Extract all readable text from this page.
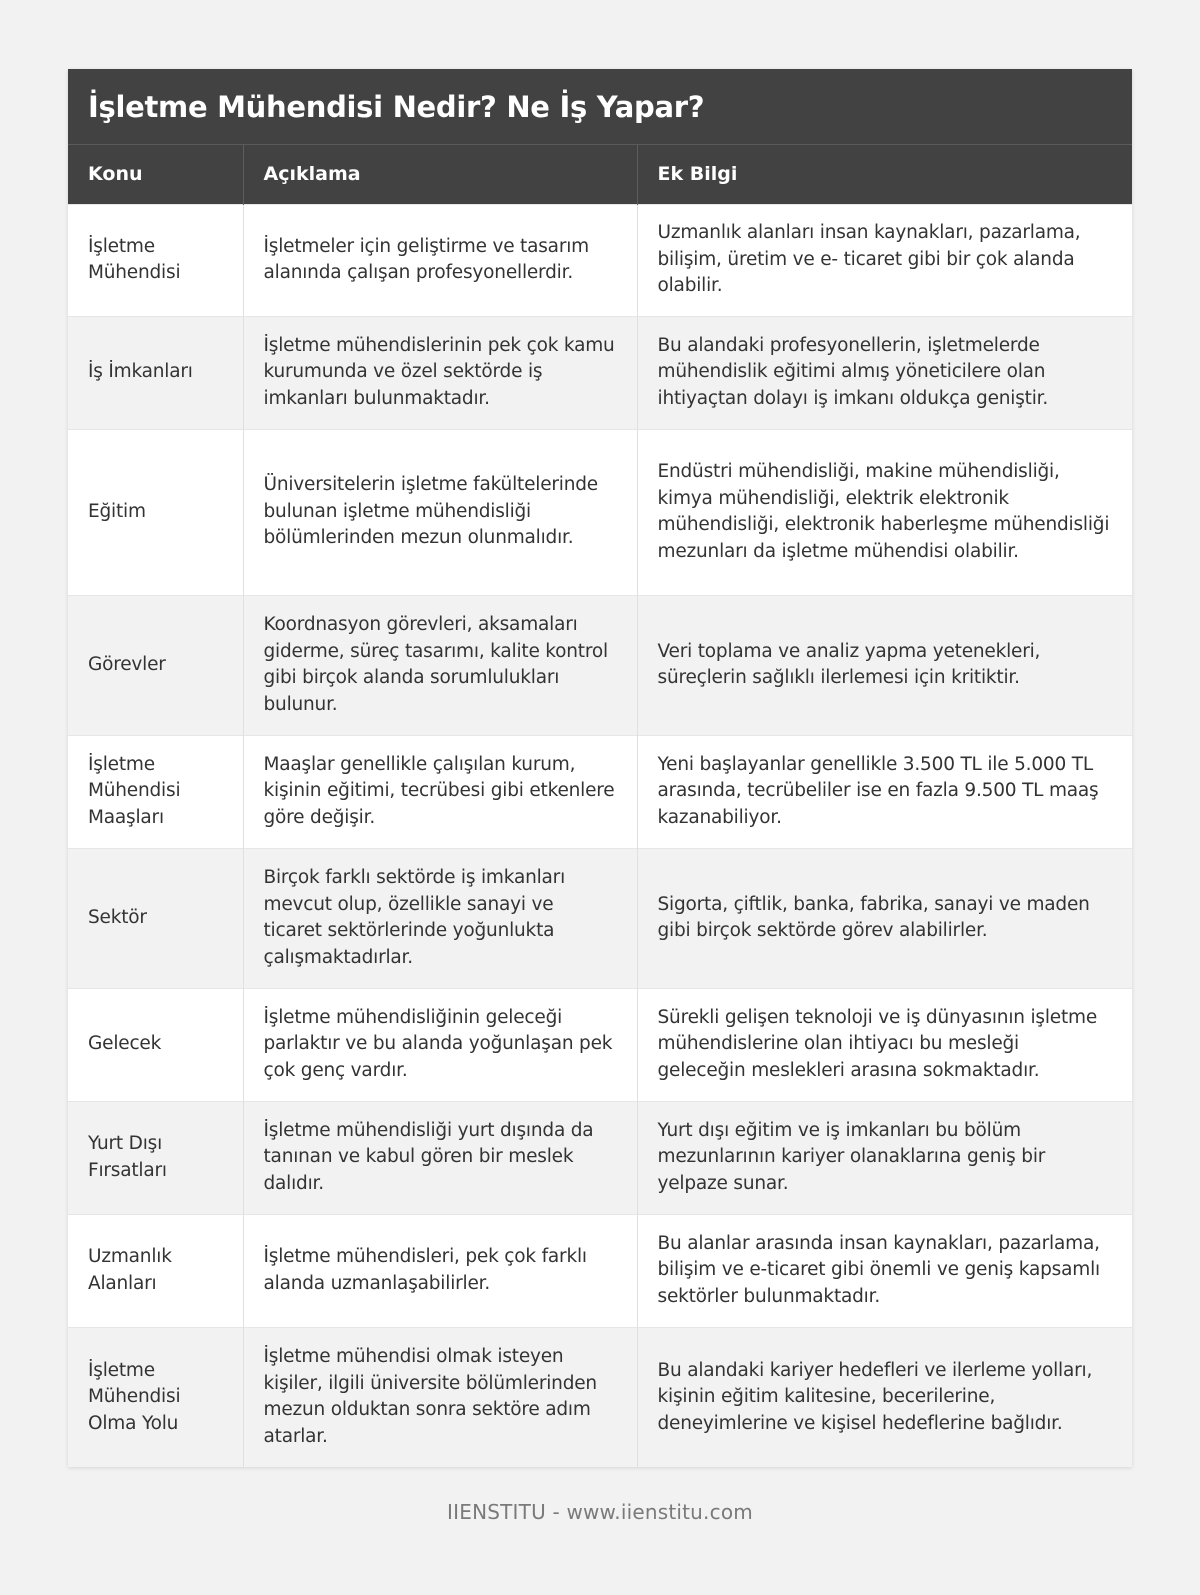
İşletme Mühendisi Nedir? Ne İş Yapar?
Konu	Açıklama	Ek Bilgi
İşletme Mühendisi	İşletmeler için geliştirme ve tasarım alanında çalışan profesyonellerdir.	Uzmanlık alanları insan kaynakları, pazarlama, bilişim, üretim ve e- ticaret gibi bir çok alanda olabilir.
İş İmkanları	İşletme mühendislerinin pek çok kamu kurumunda ve özel sektörde iş imkanları bulunmaktadır.	Bu alandaki profesyonellerin, işletmelerde mühendislik eğitimi almış yöneticilere olan ihtiyaçtan dolayı iş imkanı oldukça geniştir.
Eğitim	Üniversitelerin işletme fakültelerinde bulunan işletme mühendisliği bölümlerinden mezun olunmalıdır.	Endüstri mühendisliği, makine mühendisliği, kimya mühendisliği, elektrik elektronik mühendisliği, elektronik haberleşme mühendisliği mezunları da işletme mühendisi olabilir.
Görevler	Koordnasyon görevleri, aksamaları giderme, süreç tasarımı, kalite kontrol gibi birçok alanda sorumlulukları bulunur.	Veri toplama ve analiz yapma yetenekleri, süreçlerin sağlıklı ilerlemesi için kritiktir.
İşletme Mühendisi Maaşları	Maaşlar genellikle çalışılan kurum, kişinin eğitimi, tecrübesi gibi etkenlere göre değişir.	Yeni başlayanlar genellikle 3.500 TL ile 5.000 TL arasında, tecrübeliler ise en fazla 9.500 TL maaş kazanabiliyor.
Sektör	Birçok farklı sektörde iş imkanları mevcut olup, özellikle sanayi ve ticaret sektörlerinde yoğunlukta çalışmaktadırlar.	Sigorta, çiftlik, banka, fabrika, sanayi ve maden gibi birçok sektörde görev alabilirler.
Gelecek	İşletme mühendisliğinin geleceği parlaktır ve bu alanda yoğunlaşan pek çok genç vardır.	Sürekli gelişen teknoloji ve iş dünyasının işletme mühendislerine olan ihtiyacı bu mesleği geleceğin meslekleri arasına sokmaktadır.
Yurt Dışı Fırsatları	İşletme mühendisliği yurt dışında da tanınan ve kabul gören bir meslek dalıdır.	Yurt dışı eğitim ve iş imkanları bu bölüm mezunlarının kariyer olanaklarına geniş bir yelpaze sunar.
Uzmanlık Alanları	İşletme mühendisleri, pek çok farklı alanda uzmanlaşabilirler.	Bu alanlar arasında insan kaynakları, pazarlama, bilişim ve e-ticaret gibi önemli ve geniş kapsamlı sektörler bulunmaktadır.
İşletme Mühendisi Olma Yolu	İşletme mühendisi olmak isteyen kişiler, ilgili üniversite bölümlerinden mezun olduktan sonra sektöre adım atarlar.	Bu alandaki kariyer hedefleri ve ilerleme yolları, kişinin eğitim kalitesine, becerilerine, deneyimlerine ve kişisel hedeflerine bağlıdır.
IIENSTITU - www.iienstitu.com
